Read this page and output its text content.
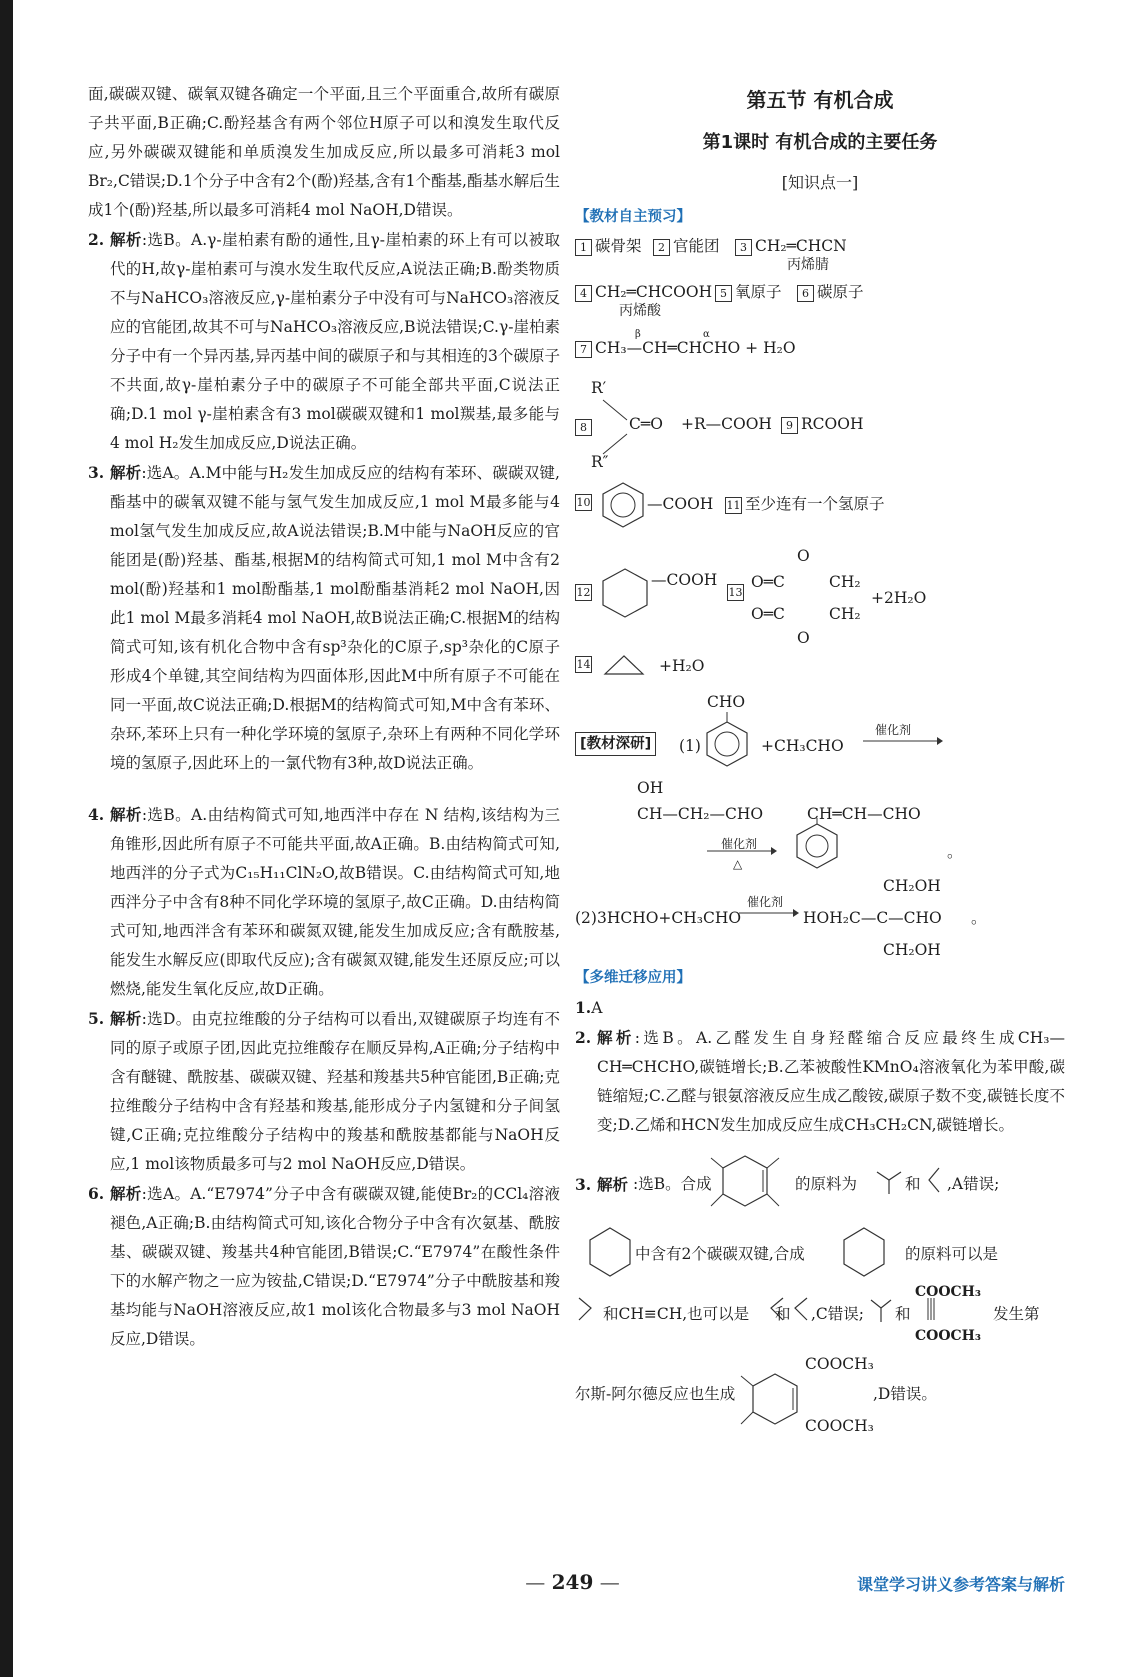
面,碳碳双键、碳氧双键各确定一个平面,且三个平面重合,故所有碳原子共平面,B正确;C.酚羟基含有两个邻位H原子可以和溴发生取代反应,另外碳碳双键能和单质溴发生加成反应,所以最多可消耗3 mol Br₂,C错误;D.1个分子中含有2个(酚)羟基,含有1个酯基,酯基水解后生成1个(酚)羟基,所以最多可消耗4 mol NaOH,D错误。

2. 解析:选B。A.γ-崖柏素有酚的通性,且γ-崖柏素的环上有可以被取代的H,故γ-崖柏素可与溴水发生取代反应,A说法正确;B.酚类物质不与NaHCO₃溶液反应,γ-崖柏素分子中没有可与NaHCO₃溶液反应的官能团,故其不可与NaHCO₃溶液反应,B说法错误;C.γ-崖柏素分子中有一个异丙基,异丙基中间的碳原子和与其相连的3个碳原子不共面,故γ-崖柏素分子中的碳原子不可能全部共平面,C说法正确;D.1 mol γ-崖柏素含有3 mol碳碳双键和1 mol羰基,最多能与4 mol H₂发生加成反应,D说法正确。

3. 解析:选A。A.M中能与H₂发生加成反应的结构有苯环、碳碳双键,酯基中的碳氧双键不能与氢气发生加成反应,1 mol M最多能与4 mol氢气发生加成反应,故A说法错误;B.M中能与NaOH反应的官能团是(酚)羟基、酯基,根据M的结构简式可知,1 mol M中含有2 mol(酚)羟基和1 mol酚酯基,1 mol酚酯基消耗2 mol NaOH,因此1 mol M最多消耗4 mol NaOH,故B说法正确;C.根据M的结构简式可知,该有机化合物中含有sp³杂化的C原子,sp³杂化的C原子形成4个单键,其空间结构为四面体形,因此M中所有原子不可能在同一平面,故C说法正确;D.根据M的结构简式可知,M中含有苯环、杂环,苯环上只有一种化学环境的氢原子,杂环上有两种不同化学环境的氢原子,因此环上的一氯代物有3种,故D说法正确。

4. 解析:选B。A.由结构简式可知,地西泮中存在 N 结构,该结构为三角锥形,因此所有原子不可能共平面,故A正确。B.由结构简式可知,地西泮的分子式为C₁₅H₁₁ClN₂O,故B错误。C.由结构简式可知,地西泮分子中含有8种不同化学环境的氢原子,故C正确。D.由结构简式可知,地西泮含有苯环和碳氮双键,能发生加成反应;含有酰胺基,能发生水解反应(即取代反应);含有碳氮双键,能发生还原反应;可以燃烧,能发生氧化反应,故D正确。

5. 解析:选D。由克拉维酸的分子结构可以看出,双键碳原子均连有不同的原子或原子团,因此克拉维酸存在顺反异构,A正确;分子结构中含有醚键、酰胺基、碳碳双键、羟基和羧基共5种官能团,B正确;克拉维酸分子结构中含有羟基和羧基,能形成分子内氢键和分子间氢键,C正确;克拉维酸分子结构中的羧基和酰胺基都能与NaOH反应,1 mol该物质最多可与2 mol NaOH反应,D错误。

6. 解析:选A。A.“E7974”分子中含有碳碳双键,能使Br₂的CCl₄溶液褪色,A正确;B.由结构简式可知,该化合物分子中含有次氨基、酰胺基、碳碳双键、羧基共4种官能团,B错误;C.“E7974”在酸性条件下的水解产物之一应为铵盐,C错误;D.“E7974”分子中酰胺基和羧基均能与NaOH溶液反应,故1 mol该化合物最多与3 mol NaOH反应,D错误。

第五节 有机合成
第1课时 有机合成的主要任务
[知识点一]
【教材自主预习】
1 碳骨架	2 官能团	3 CH₂═CHCN
丙烯腈
4 CH₂═CHCOOH
丙烯酸
5 氧原子	6 碳原子
β	α
7 CH₃—CH═CHCHO + H₂O
R′
8	C═O +R—COOH	9 RCOOH
R″
10	—COOH 11 至少连有一个氢原子
12
—COOH
13
O
O═C
O═C
CH₂
CH₂
O
+2H₂O
14	+H₂O
CHO
[教材深研]	(1)	+CH₃CHO
催化剂
OH
CH—CH₂—CHO	CH═CH—CHO
催化剂
△
。
CH₂OH
(2)3HCHO+CH₃CHO
催化剂
→ HOH₂C—C—CHO 。
CH₂OH
【多维迁移应用】

1.A

2. 解析:选B。A.乙醛发生自身羟醛缩合反应最终生成CH₃—CH═CHCHO,碳链增长;B.乙苯被酸性KMnO₄溶液氧化为苯甲酸,碳链缩短;C.乙醛与银氨溶液反应生成乙酸铵,碳原子数不变,碳链长度不变;D.乙烯和HCN发生加成反应生成CH₃CH₂CN,碳链增长。

3. 解析 :选B。合成	的原料为	和 ,A错误;
中含有2个碳碳双键,合成	的原料可以是
和CH≡CH,也可以是 和 ,C错误; 和
COOCH₃
COOCH₃
发生第
COOCH₃
尔斯-阿尔德反应也生成	,D错误。
COOCH₃
— 249 —	课堂学习讲义参考答案与解析
